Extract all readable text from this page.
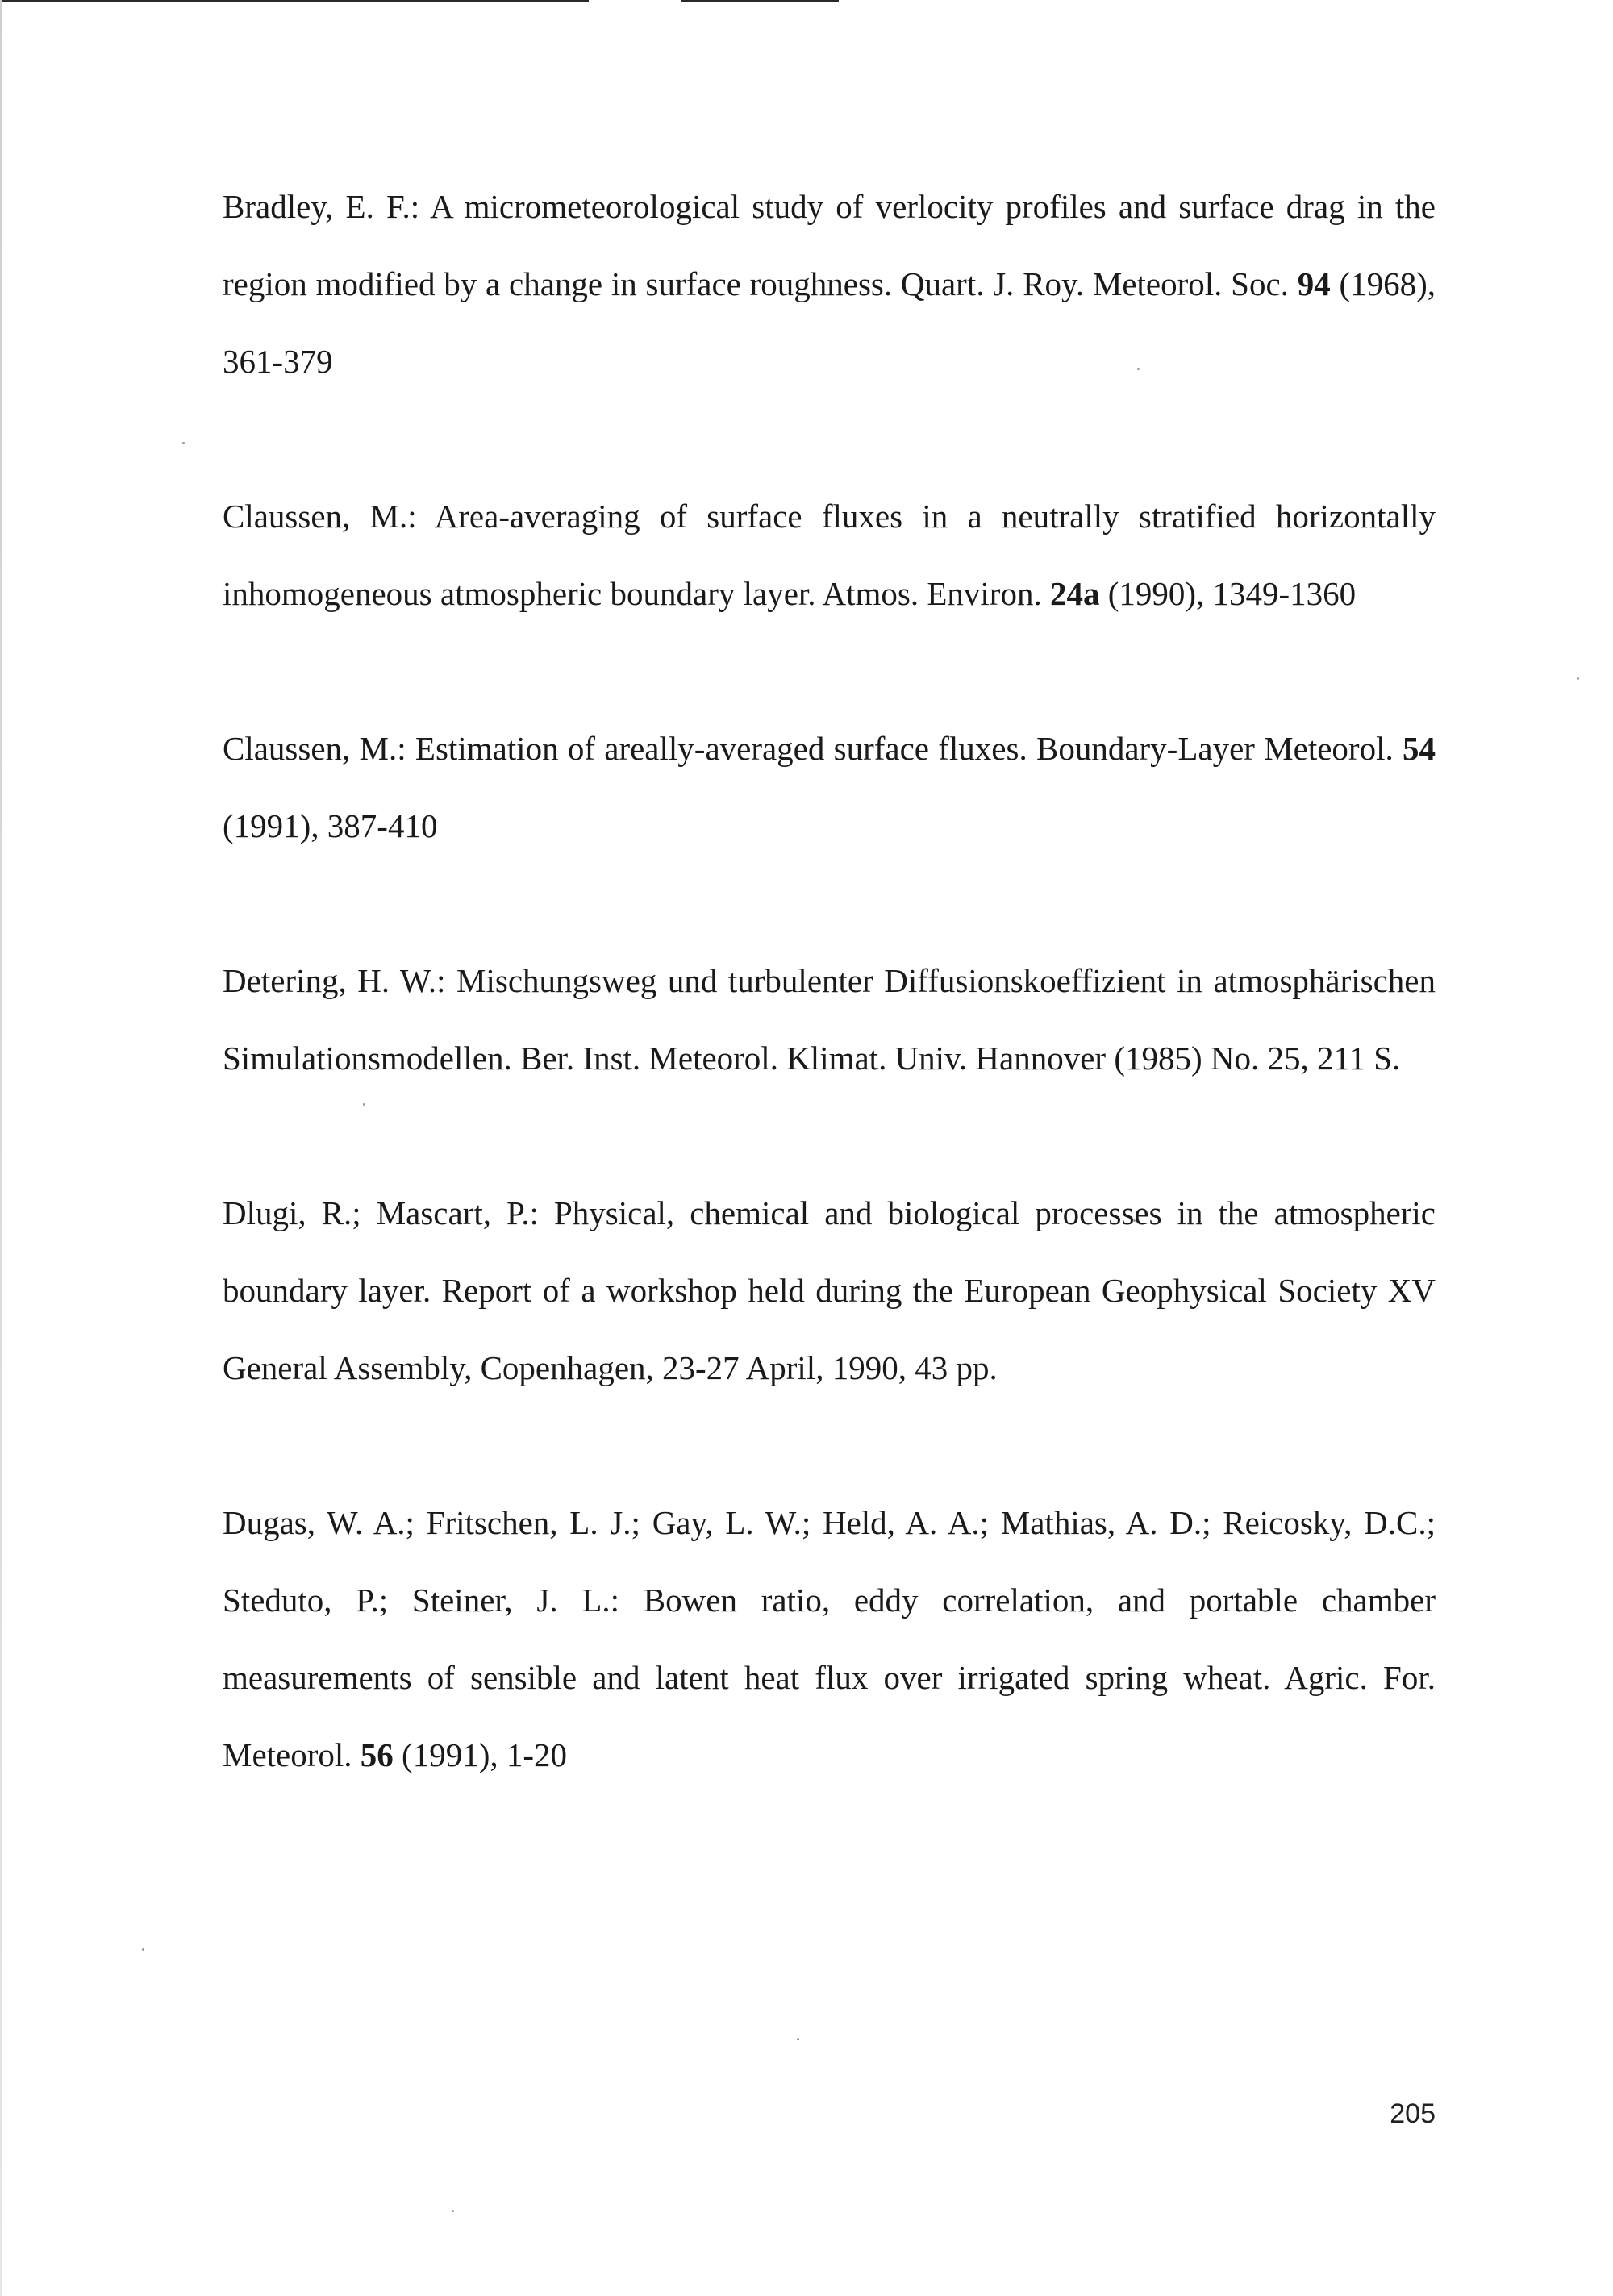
Bradley, E. F.: A micrometeorological study of verlocity profiles and surface drag in the region modified by a change in surface roughness. Quart. J. Roy. Meteorol. Soc. 94 (1968), 361-379

Claussen, M.: Area-averaging of surface fluxes in a neutrally stratified horizontally inhomogeneous atmospheric boundary layer. Atmos. Environ. 24a (1990), 1349-1360

Claussen, M.: Estimation of areally-averaged surface fluxes. Boundary-Layer Meteorol. 54 (1991), 387-410

Detering, H. W.: Mischungsweg und turbulenter Diffusionskoeffizient in atmosphärischen Simulationsmodellen. Ber. Inst. Meteorol. Klimat. Univ. Hannover (1985) No. 25, 211 S.

Dlugi, R.; Mascart, P.: Physical, chemical and biological processes in the atmospheric boundary layer. Report of a workshop held during the European Geophysical Society XV General Assembly, Copenhagen, 23-27 April, 1990, 43 pp.

Dugas, W. A.; Fritschen, L. J.; Gay, L. W.; Held, A. A.; Mathias, A. D.; Reicosky, D.C.; Steduto, P.; Steiner, J. L.: Bowen ratio, eddy correlation, and portable chamber measurements of sensible and latent heat flux over irrigated spring wheat. Agric. For. Meteorol. 56 (1991), 1-20

205
